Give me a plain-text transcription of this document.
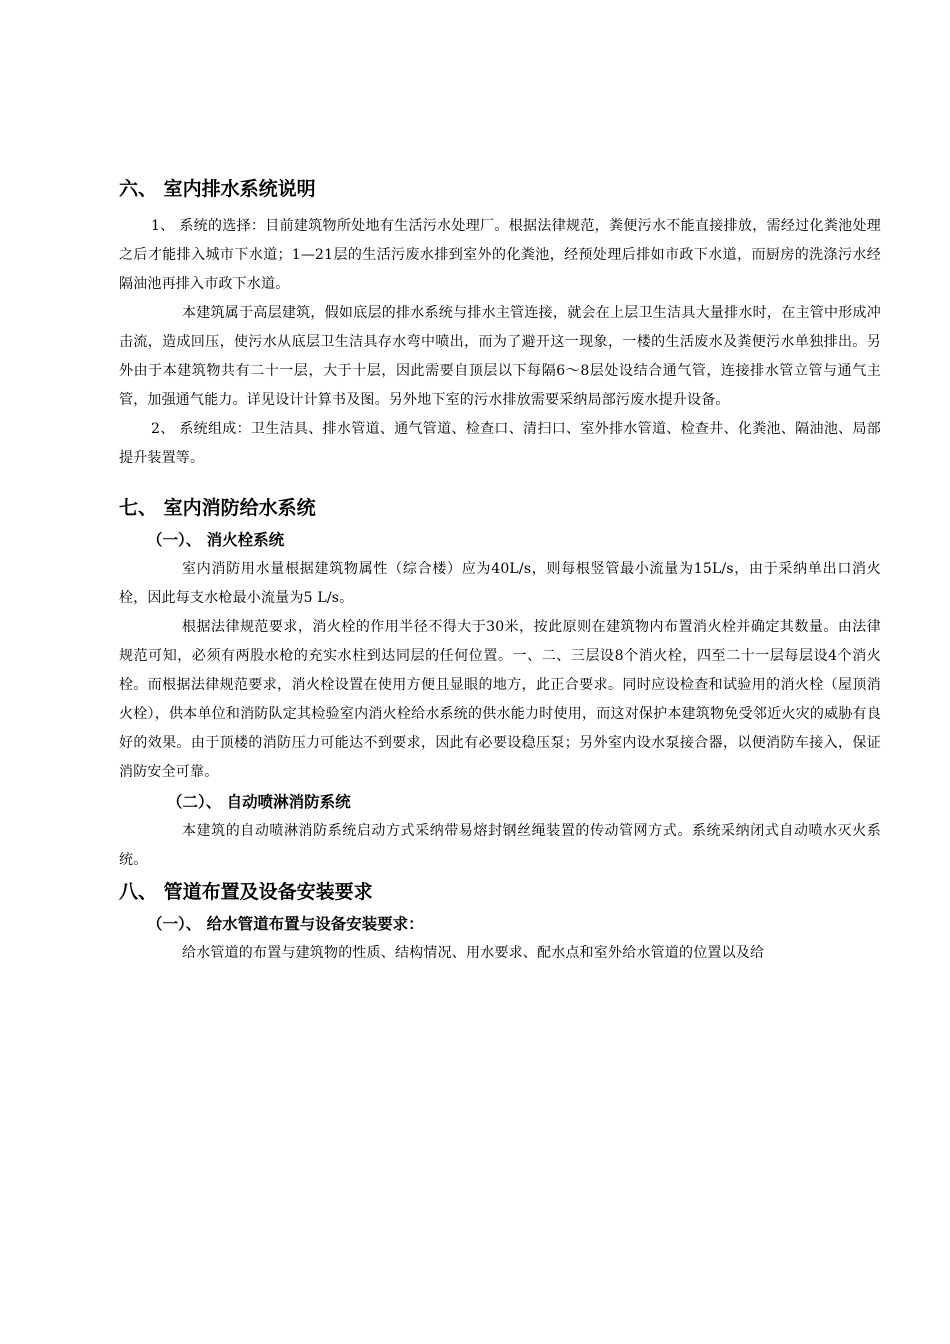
六、 室内排水系统说明

1、 系统的选择：目前建筑物所处地有生活污水处理厂。根据法律规范，粪便污水不能直接排放，需经过化粪池处理之后才能排入城市下水道；1—21层的生活污废水排到室外的化粪池，经预处理后排如市政下水道，而厨房的洗涤污水经隔油池再排入市政下水道。

本建筑属于高层建筑，假如底层的排水系统与排水主管连接，就会在上层卫生洁具大量排水时，在主管中形成冲击流，造成回压，使污水从底层卫生洁具存水弯中喷出，而为了避开这一现象，一楼的生活废水及粪便污水单独排出。另外由于本建筑物共有二十一层，大于十层，因此需要自顶层以下每隔6～8层处设结合通气管，连接排水管立管与通气主管，加强通气能力。详见设计计算书及图。另外地下室的污水排放需要采纳局部污废水提升设备。

2、 系统组成：卫生洁具、排水管道、通气管道、检查口、清扫口、室外排水管道、检查井、化粪池、隔油池、局部提升装置等。

七、 室内消防给水系统
（一）、 消火栓系统

室内消防用水量根据建筑物属性（综合楼）应为40L/s，则每根竖管最小流量为15L/s，由于采纳单出口消火栓，因此每支水枪最小流量为5 L/s。

根据法律规范要求，消火栓的作用半径不得大于30米，按此原则在建筑物内布置消火栓并确定其数量。由法律规范可知，必须有两股水枪的充实水柱到达同层的任何位置。一、二、三层设8个消火栓，四至二十一层每层设4个消火栓。而根据法律规范要求，消火栓设置在使用方便且显眼的地方，此正合要求。同时应设检查和试验用的消火栓（屋顶消火栓），供本单位和消防队定其检验室内消火栓给水系统的供水能力时使用，而这对保护本建筑物免受邻近火灾的威胁有良好的效果。由于顶楼的消防压力可能达不到要求，因此有必要设稳压泵；另外室内设水泵接合器，以便消防车接入，保证消防安全可靠。

（二）、 自动喷淋消防系统

本建筑的自动喷淋消防系统启动方式采纳带易熔封钢丝绳装置的传动管网方式。系统采纳闭式自动喷水灭火系统。

八、 管道布置及设备安装要求
（一）、 给水管道布置与设备安装要求：

给水管道的布置与建筑物的性质、结构情况、用水要求、配水点和室外给水管道的位置以及给
